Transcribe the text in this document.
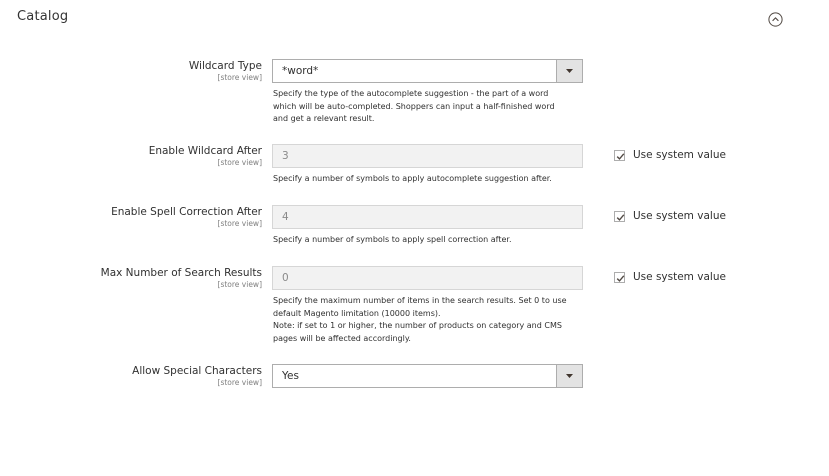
Catalog
Wildcard Type
[store view]
*word*
Specify the type of the autocomplete suggestion - the part of a word
which will be auto-completed. Shoppers can input a half-finished word
and get a relevant result.
Enable Wildcard After
[store view]
3
Specify a number of symbols to apply autocomplete suggestion after.
Use system value
Enable Spell Correction After
[store view]
4
Specify a number of symbols to apply spell correction after.
Use system value
Max Number of Search Results
[store view]
0
Specify the maximum number of items in the search results. Set 0 to use
default Magento limitation (10000 items).
Note: if set to 1 or higher, the number of products on category and CMS
pages will be affected accordingly.
Use system value
Allow Special Characters
[store view]
Yes
